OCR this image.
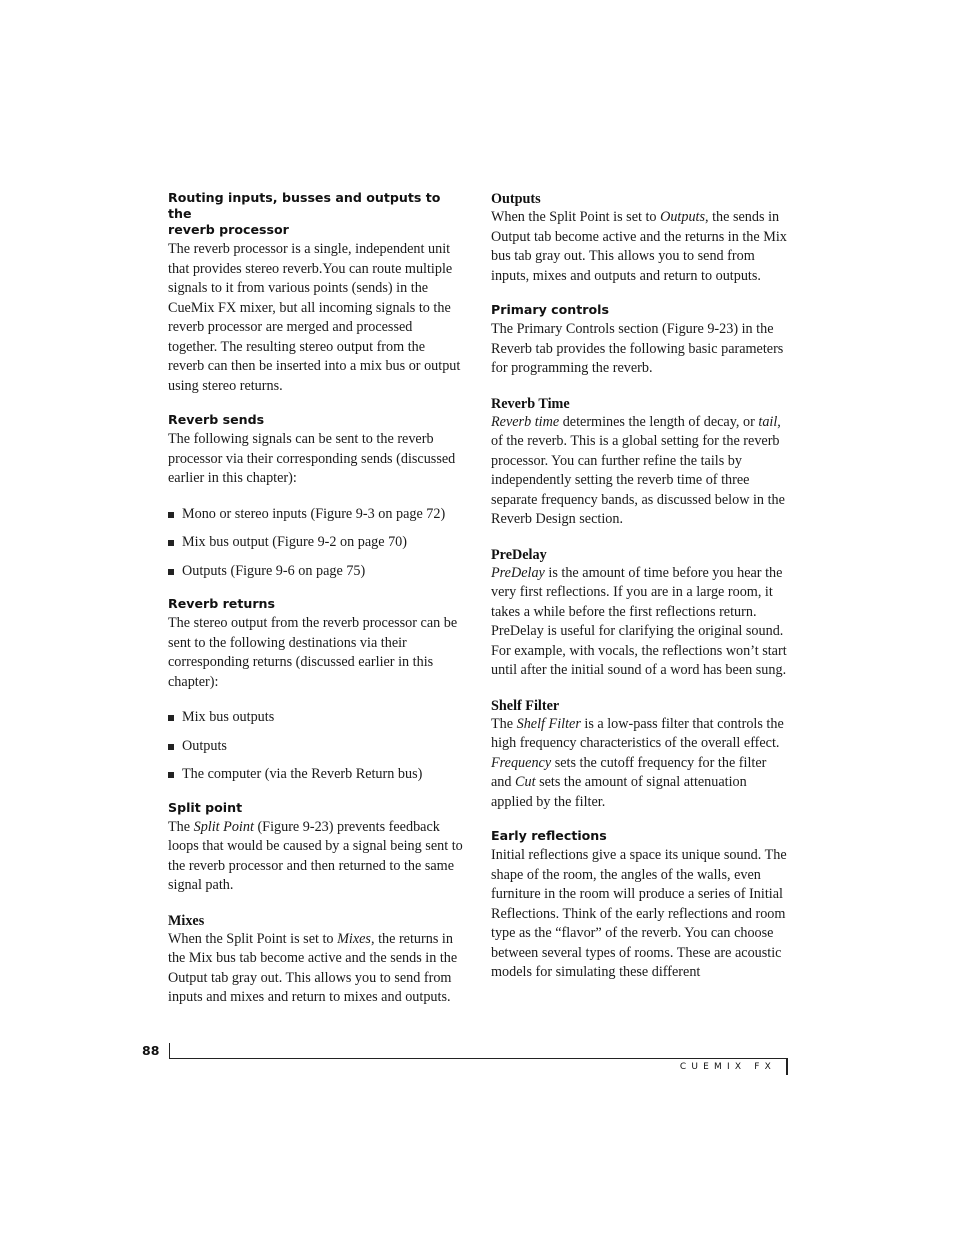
Routing inputs, busses and outputs to the
reverb processor

The reverb processor is a single, independent unit that provides stereo reverb.You can route multiple signals to it from various points (sends) in the CueMix FX mixer, but all incoming signals to the reverb processor are merged and processed together. The resulting stereo output from the reverb can then be inserted into a mix bus or output using stereo returns.

Reverb sends

The following signals can be sent to the reverb processor via their corresponding sends (discussed earlier in this chapter):

Mono or stereo inputs (Figure 9-3 on page 72)
Mix bus output (Figure 9-2 on page 70)
Outputs (Figure 9-6 on page 75)
Reverb returns

The stereo output from the reverb processor can be sent to the following destinations via their corresponding returns (discussed earlier in this chapter):

Mix bus outputs
Outputs
The computer (via the Reverb Return bus)
Split point

The Split Point (Figure 9-23) prevents feedback loops that would be caused by a signal being sent to the reverb processor and then returned to the same signal path.

Mixes

When the Split Point is set to Mixes, the returns in the Mix bus tab become active and the sends in the Output tab gray out. This allows you to send from inputs and mixes and return to mixes and outputs.

Outputs

When the Split Point is set to Outputs, the sends in Output tab become active and the returns in the Mix bus tab gray out. This allows you to send from inputs, mixes and outputs and return to outputs.

Primary controls

The Primary Controls section (Figure 9-23) in the Reverb tab provides the following basic parameters for programming the reverb.

Reverb Time

Reverb time determines the length of decay, or tail, of the reverb. This is a global setting for the reverb processor. You can further refine the tails by independently setting the reverb time of three separate frequency bands, as discussed below in the Reverb Design section.

PreDelay

PreDelay is the amount of time before you hear the very first reflections. If you are in a large room, it takes a while before the first reflections return. PreDelay is useful for clarifying the original sound. For example, with vocals, the reflections won’t start until after the initial sound of a word has been sung.

Shelf Filter

The Shelf Filter is a low-pass filter that controls the high frequency characteristics of the overall effect. Frequency sets the cutoff frequency for the filter and Cut sets the amount of signal attenuation applied by the filter.

Early reflections

Initial reflections give a space its unique sound. The shape of the room, the angles of the walls, even furniture in the room will produce a series of Initial Reflections. Think of the early reflections and room type as the “flavor” of the reverb. You can choose between several types of rooms. These are acoustic models for simulating these different

88
CUEMIX FX
